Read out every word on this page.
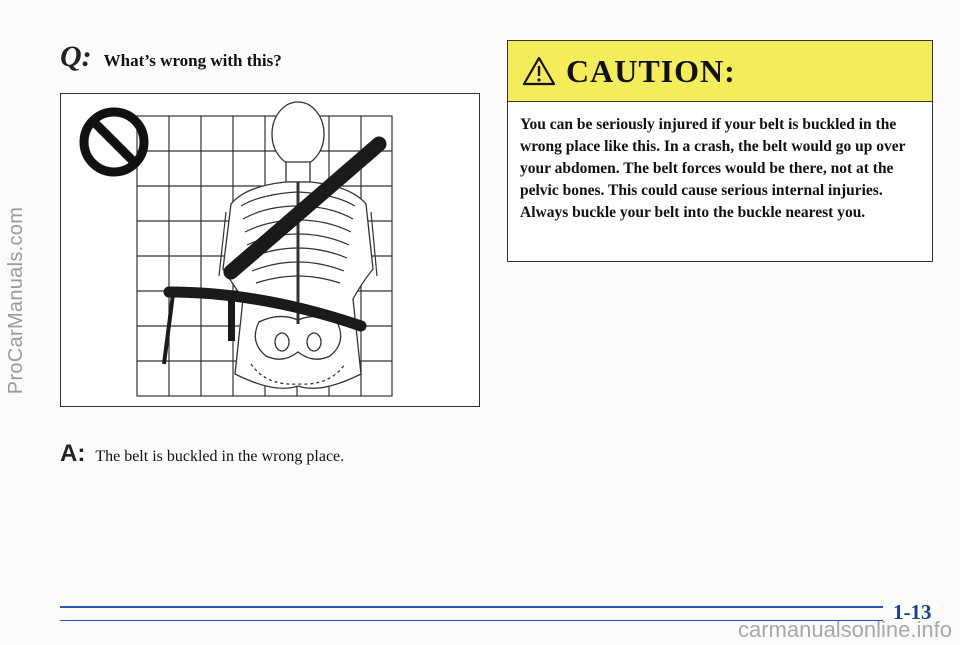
ProCarManuals.com
Q: What’s wrong with this?
A: The belt is buckled in the wrong place.
CAUTION:
You can be seriously injured if your belt is buckled in the wrong place like this. In a crash, the belt would go up over your abdomen. The belt forces would be there, not at the pelvic bones. This could cause serious internal injuries. Always buckle your belt into the buckle nearest you.
1-13
carmanualsonline.info
